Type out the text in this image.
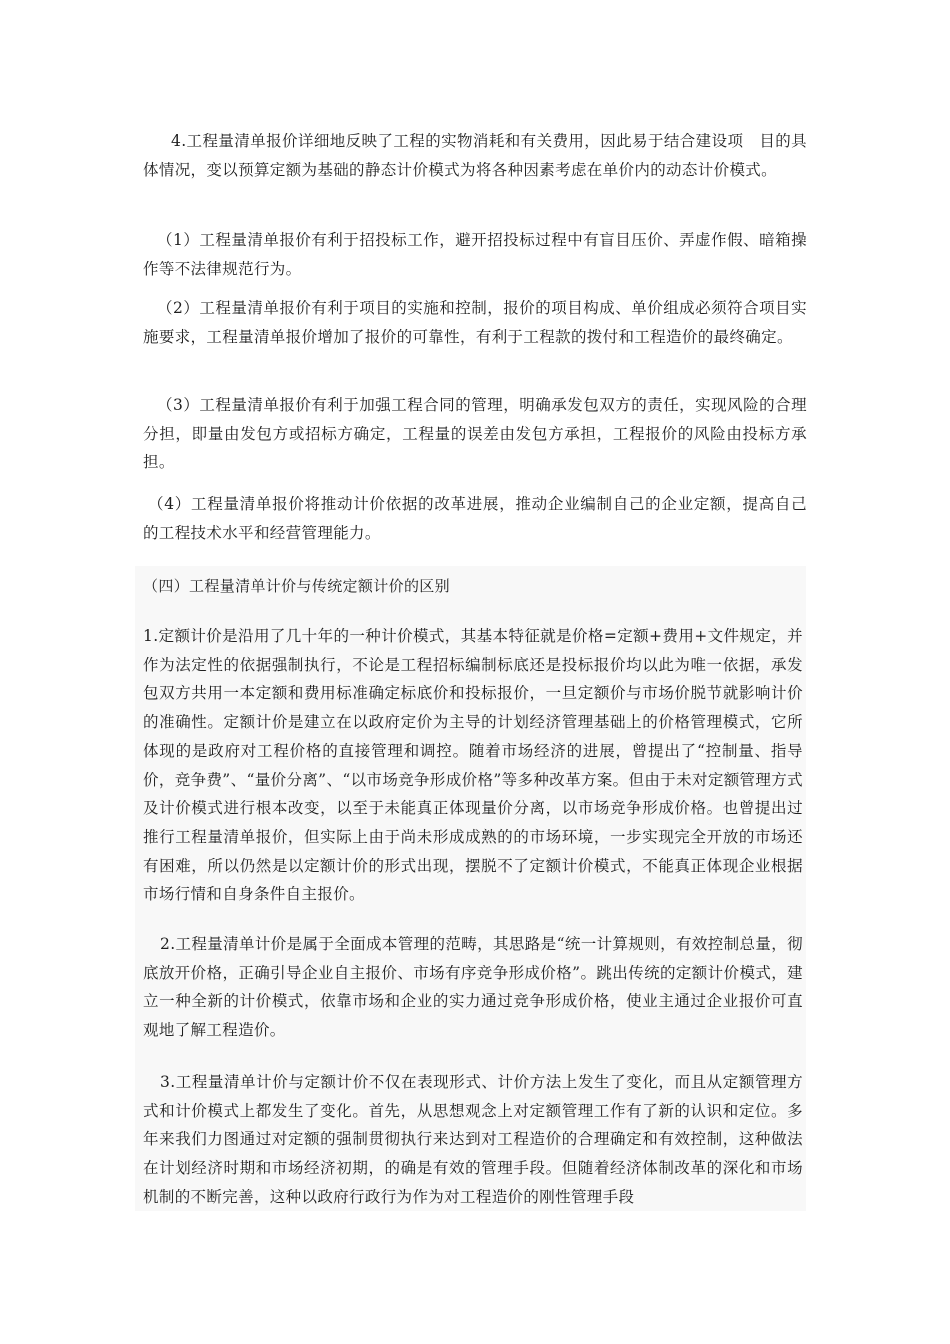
4.工程量清单报价详细地反映了工程的实物消耗和有关费用，因此易于结合建设项　目的具体情况，变以预算定额为基础的静态计价模式为将各种因素考虑在单价内的动态计价模式。

（1）工程量清单报价有利于招投标工作，避开招投标过程中有盲目压价、弄虚作假、暗箱操作等不法律规范行为。

（2）工程量清单报价有利于项目的实施和控制，报价的项目构成、单价组成必须符合项目实施要求，工程量清单报价增加了报价的可靠性，有利于工程款的拨付和工程造价的最终确定。

（3）工程量清单报价有利于加强工程合同的管理，明确承发包双方的责任，实现风险的合理分担，即量由发包方或招标方确定，工程量的误差由发包方承担，工程报价的风险由投标方承担。

（4）工程量清单报价将推动计价依据的改革进展，推动企业编制自己的企业定额，提高自己的工程技术水平和经营管理能力。

（四）工程量清单计价与传统定额计价的区别

1.定额计价是沿用了几十年的一种计价模式，其基本特征就是价格=定额+费用+文件规定，并作为法定性的依据强制执行，不论是工程招标编制标底还是投标报价均以此为唯一依据，承发包双方共用一本定额和费用标准确定标底价和投标报价，一旦定额价与市场价脱节就影响计价的准确性。定额计价是建立在以政府定价为主导的计划经济管理基础上的价格管理模式，它所体现的是政府对工程价格的直接管理和调控。随着市场经济的进展，曾提出了“控制量、指导价，竞争费”、“量价分离”、“以市场竞争形成价格”等多种改革方案。但由于未对定额管理方式及计价模式进行根本改变，以至于未能真正体现量价分离，以市场竞争形成价格。也曾提出过推行工程量清单报价，但实际上由于尚未形成成熟的的市场环境，一步实现完全开放的市场还有困难，所以仍然是以定额计价的形式出现，摆脱不了定额计价模式，不能真正体现企业根据市场行情和自身条件自主报价。

2.工程量清单计价是属于全面成本管理的范畴，其思路是“统一计算规则，有效控制总量，彻底放开价格，正确引导企业自主报价、市场有序竞争形成价格”。跳出传统的定额计价模式，建立一种全新的计价模式，依靠市场和企业的实力通过竞争形成价格，使业主通过企业报价可直观地了解工程造价。

3.工程量清单计价与定额计价不仅在表现形式、计价方法上发生了变化，而且从定额管理方式和计价模式上都发生了变化。首先，从思想观念上对定额管理工作有了新的认识和定位。多年来我们力图通过对定额的强制贯彻执行来达到对工程造价的合理确定和有效控制，这种做法在计划经济时期和市场经济初期，的确是有效的管理手段。但随着经济体制改革的深化和市场机制的不断完善，这种以政府行政行为作为对工程造价的刚性管理手段
